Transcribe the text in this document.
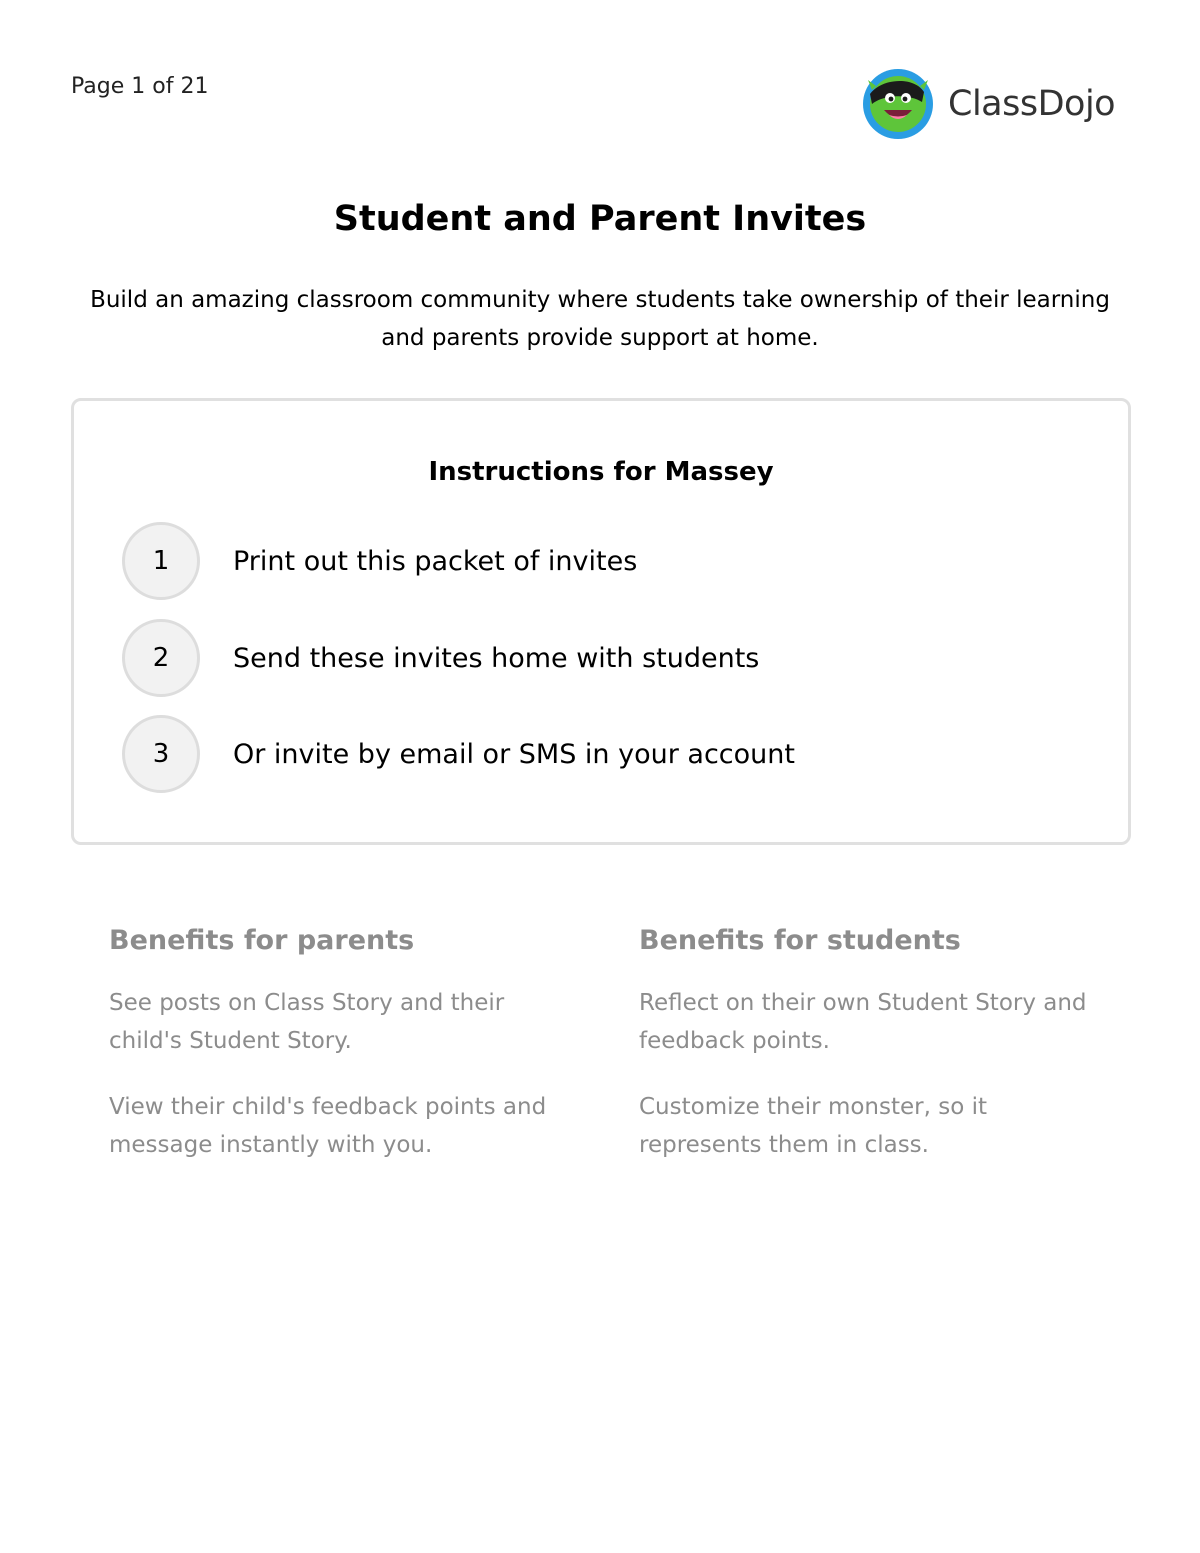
Page 1 of 21	ClassDojo
Student and Parent Invites

Build an amazing classroom community where students take ownership of their learning and parents provide support at home.

Instructions for Massey
1	Print out this packet of invites
2	Send these invites home with students
3	Or invite by email or SMS in your account
Benefits for parents

See posts on Class Story and their child's Student Story.

View their child's feedback points and message instantly with you.

Benefits for students

Reflect on their own Student Story and feedback points.

Customize their monster, so it represents them in class.
